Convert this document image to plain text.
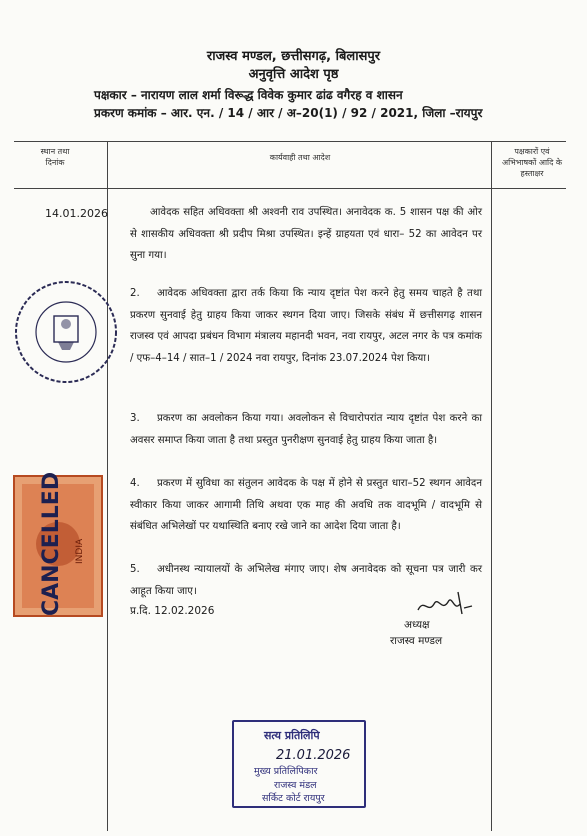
राजस्व मण्डल, छत्तीसगढ़, बिलासपुर
अनुवृत्ति आदेश पृष्ठ
पक्षकार – नारायण लाल शर्मा विरूद्ध विवेक कुमार ढांढ वगैरह व शासन
प्रकरण कमांक – आर. एन. / 14 / आर / अ–20(1) / 92 / 2021, जिला –रायपुर
स्थान तथा
दिनांक
कार्यवाही तथा आदेश
पक्षकारों एवं
अभिभाषकों आदि के
हस्ताक्षर
14.01.2026	आवेदक सहित अधिवक्ता श्री अश्वनी राव उपस्थित। अनावेदक क. 5 शासन पक्ष की ओर से शासकीय अधिवक्ता श्री प्रदीप मिश्रा उपस्थित। इन्हें ग्राहयता एवं धारा– 52 का आवेदन पर सुना गया।
2. आवेदक अधिवक्ता द्वारा तर्क किया कि न्याय दृष्टांत पेश करने हेतु समय चाहते है तथा प्रकरण सुनवाई हेतु ग्राहय किया जाकर स्थगन दिया जाए। जिसके संबंध में छत्तीसगढ़ शासन राजस्व एवं आपदा प्रबंधन विभाग मंत्रालय महानदी भवन, नवा रायपुर, अटल नगर के पत्र कमांक / एफ–4–14 / सात–1 / 2024 नवा रायपुर, दिनांक 23.07.2024 पेश किया।
3. प्रकरण का अवलोकन किया गया। अवलोकन से विचारोपरांत न्याय दृष्टांत पेश करने का अवसर समाप्त किया जाता है तथा प्रस्तुत पुनरीक्षण सुनवाई हेतु ग्राहय किया जाता है।
4. प्रकरण में सुविधा का संतुलन आवेदक के पक्ष में होने से प्रस्तुत धारा–52 स्थगन आवेदन स्वीकार किया जाकर आगामी तिथि अथवा एक माह की अवधि तक वादभूमि / वादभूमि से संबंधित अभिलेखों पर यथास्थिति बनाए रखे जाने का आदेश दिया जाता है।
5. अधीनस्थ न्यायालयों के अभिलेख मंगाए जाए। शेष अनावेदक को सूचना पत्र जारी कर आहूत किया जाए।
प्र.दि. 12.02.2026
अध्यक्ष
राजस्व मण्डल
INDIA
CANCELLED
सत्य प्रतिलिपि
21.01.2026
मुख्य प्रतिलिपिकार
राजस्व मंडल
सर्किट कोर्ट रायपुर
